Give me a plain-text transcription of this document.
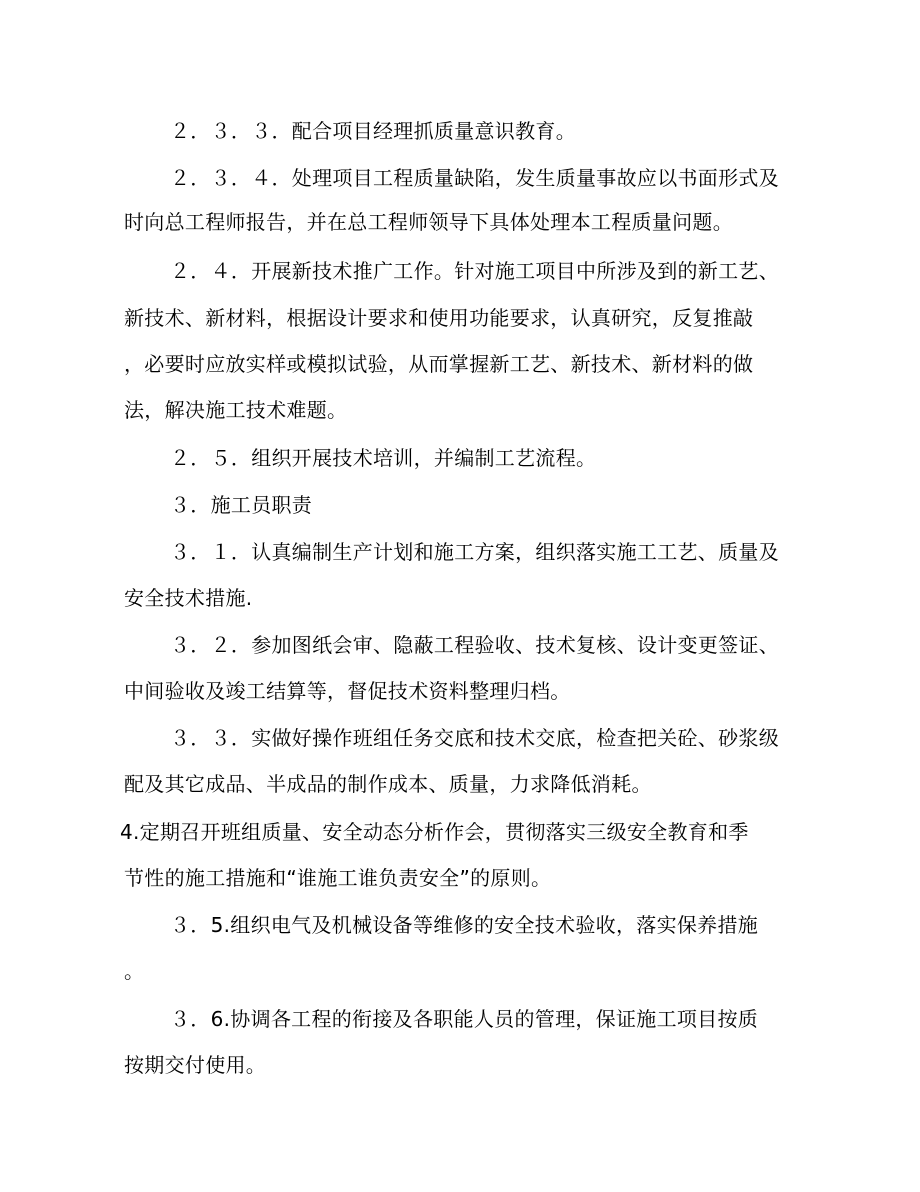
２．３．３．配合项目经理抓质量意识教育。
２．３．４．处理项目工程质量缺陷，发生质量事故应以书面形式及
时向总工程师报告，并在总工程师领导下具体处理本工程质量问题。
２．４．开展新技术推广工作。针对施工项目中所涉及到的新工艺、
新技术、新材料，根据设计要求和使用功能要求，认真研究，反复推敲
，必要时应放实样或模拟试验，从而掌握新工艺、新技术、新材料的做
法，解决施工技术难题。
２．５．组织开展技术培训，并编制工艺流程。
３．施工员职责
３．１．认真编制生产计划和施工方案，组织落实施工工艺、质量及
安全技术措施.
３．２．参加图纸会审、隐蔽工程验收、技术复核、设计变更签证、
中间验收及竣工结算等，督促技术资料整理归档。
３．３．实做好操作班组任务交底和技术交底，检查把关砼、砂浆级
配及其它成品、半成品的制作成本、质量，力求降低消耗。
4.定期召开班组质量、安全动态分析作会，贯彻落实三级安全教育和季
节性的施工措施和“谁施工谁负责安全”的原则。
３．5.组织电气及机械设备等维修的安全技术验收，落实保养措施
。
３．6.协调各工程的衔接及各职能人员的管理，保证施工项目按质
按期交付使用。
